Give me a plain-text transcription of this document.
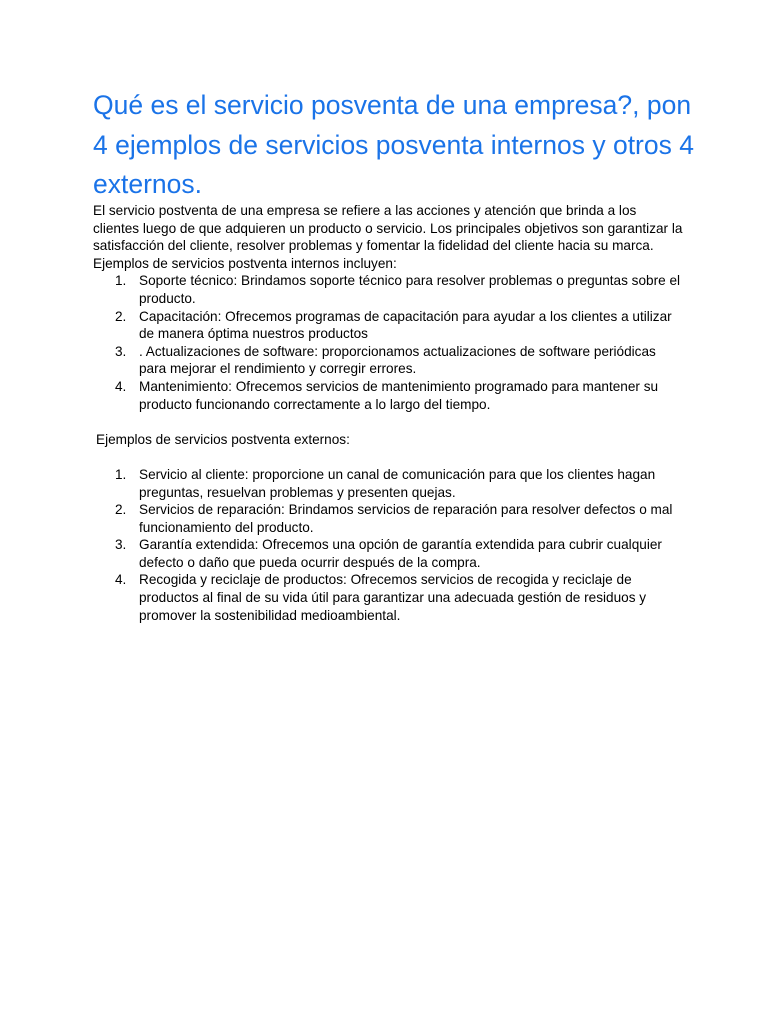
Qué es el servicio posventa de una empresa?, pon 4 ejemplos de servicios posventa internos y otros 4 externos.

El servicio postventa de una empresa se refiere a las acciones y atención que brinda a los clientes luego de que adquieren un producto o servicio. Los principales objetivos son garantizar la satisfacción del cliente, resolver problemas y fomentar la fidelidad del cliente hacia su marca.

Ejemplos de servicios postventa internos incluyen:

1. Soporte técnico: Brindamos soporte técnico para resolver problemas o preguntas sobre el producto.
2. Capacitación: Ofrecemos programas de capacitación para ayudar a los clientes a utilizar de manera óptima nuestros productos
3. . Actualizaciones de software: proporcionamos actualizaciones de software periódicas para mejorar el rendimiento y corregir errores.
4. Mantenimiento: Ofrecemos servicios de mantenimiento programado para mantener su producto funcionando correctamente a lo largo del tiempo.

Ejemplos de servicios postventa externos:

1. Servicio al cliente: proporcione un canal de comunicación para que los clientes hagan preguntas, resuelvan problemas y presenten quejas.
2. Servicios de reparación: Brindamos servicios de reparación para resolver defectos o mal funcionamiento del producto.
3. Garantía extendida: Ofrecemos una opción de garantía extendida para cubrir cualquier defecto o daño que pueda ocurrir después de la compra.
4. Recogida y reciclaje de productos: Ofrecemos servicios de recogida y reciclaje de productos al final de su vida útil para garantizar una adecuada gestión de residuos y promover la sostenibilidad medioambiental.
